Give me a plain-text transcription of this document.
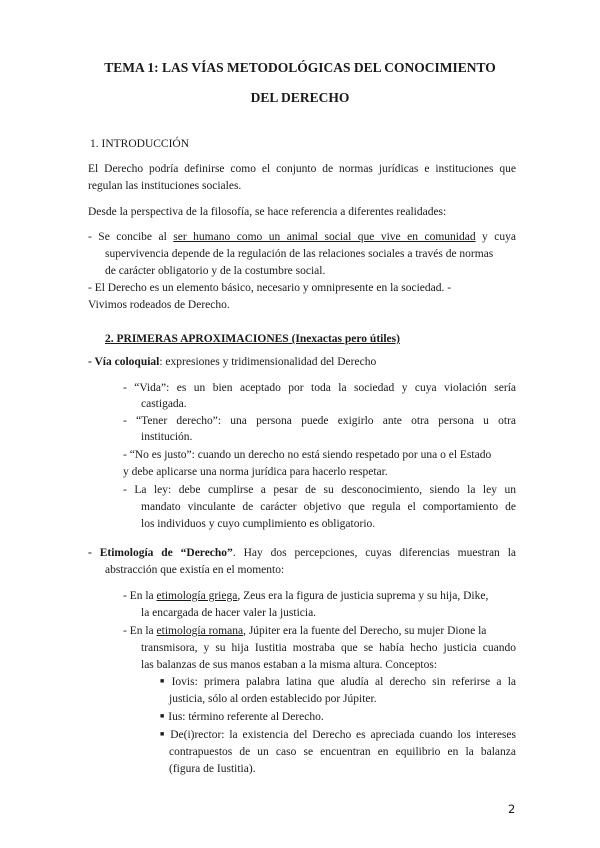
TEMA 1: LAS VÍAS METODOLÓGICAS DEL CONOCIMIENTO
DEL DERECHO
1. INTRODUCCIÓN
El Derecho podría definirse como el conjunto de normas jurídicas e instituciones que
regulan las instituciones sociales.
Desde la perspectiva de la filosofía, se hace referencia a diferentes realidades:
- Se concibe al ser humano como un animal social que vive en comunidad y cuya
supervivencia depende de la regulación de las relaciones sociales a través de normas
de carácter obligatorio y de la costumbre social.
- El Derecho es un elemento básico, necesario y omnipresente en la sociedad. -
Vivimos rodeados de Derecho.
2. PRIMERAS APROXIMACIONES (Inexactas pero útiles)
- Vía coloquial: expresiones y tridimensionalidad del Derecho
- “Vida”: es un bien aceptado por toda la sociedad y cuya violación sería
castigada.
- “Tener derecho”: una persona puede exigirlo ante otra persona u otra
institución.
- “No es justo”: cuando un derecho no está siendo respetado por una o el Estado
y debe aplicarse una norma jurídica para hacerlo respetar.
- La ley: debe cumplirse a pesar de su desconocimiento, siendo la ley un
mandato vinculante de carácter objetivo que regula el comportamiento de
los individuos y cuyo cumplimiento es obligatorio.
- Etimología de “Derecho”. Hay dos percepciones, cuyas diferencias muestran la
abstracción que existía en el momento:
- En la etimología griega, Zeus era la figura de justicia suprema y su hija, Dike,
la encargada de hacer valer la justicia.
- En la etimología romana, Júpiter era la fuente del Derecho, su mujer Dione la
transmisora, y su hija Iustitia mostraba que se había hecho justicia cuando
las balanzas de sus manos estaban a la misma altura. Conceptos:
■ Iovis: primera palabra latina que aludía al derecho sin referirse a la
justicia, sólo al orden establecido por Júpiter.
■ Ius: término referente al Derecho.
■ De(i)rector: la existencia del Derecho es apreciada cuando los intereses
contrapuestos de un caso se encuentran en equilibrio en la balanza
(figura de Iustitia).
2
